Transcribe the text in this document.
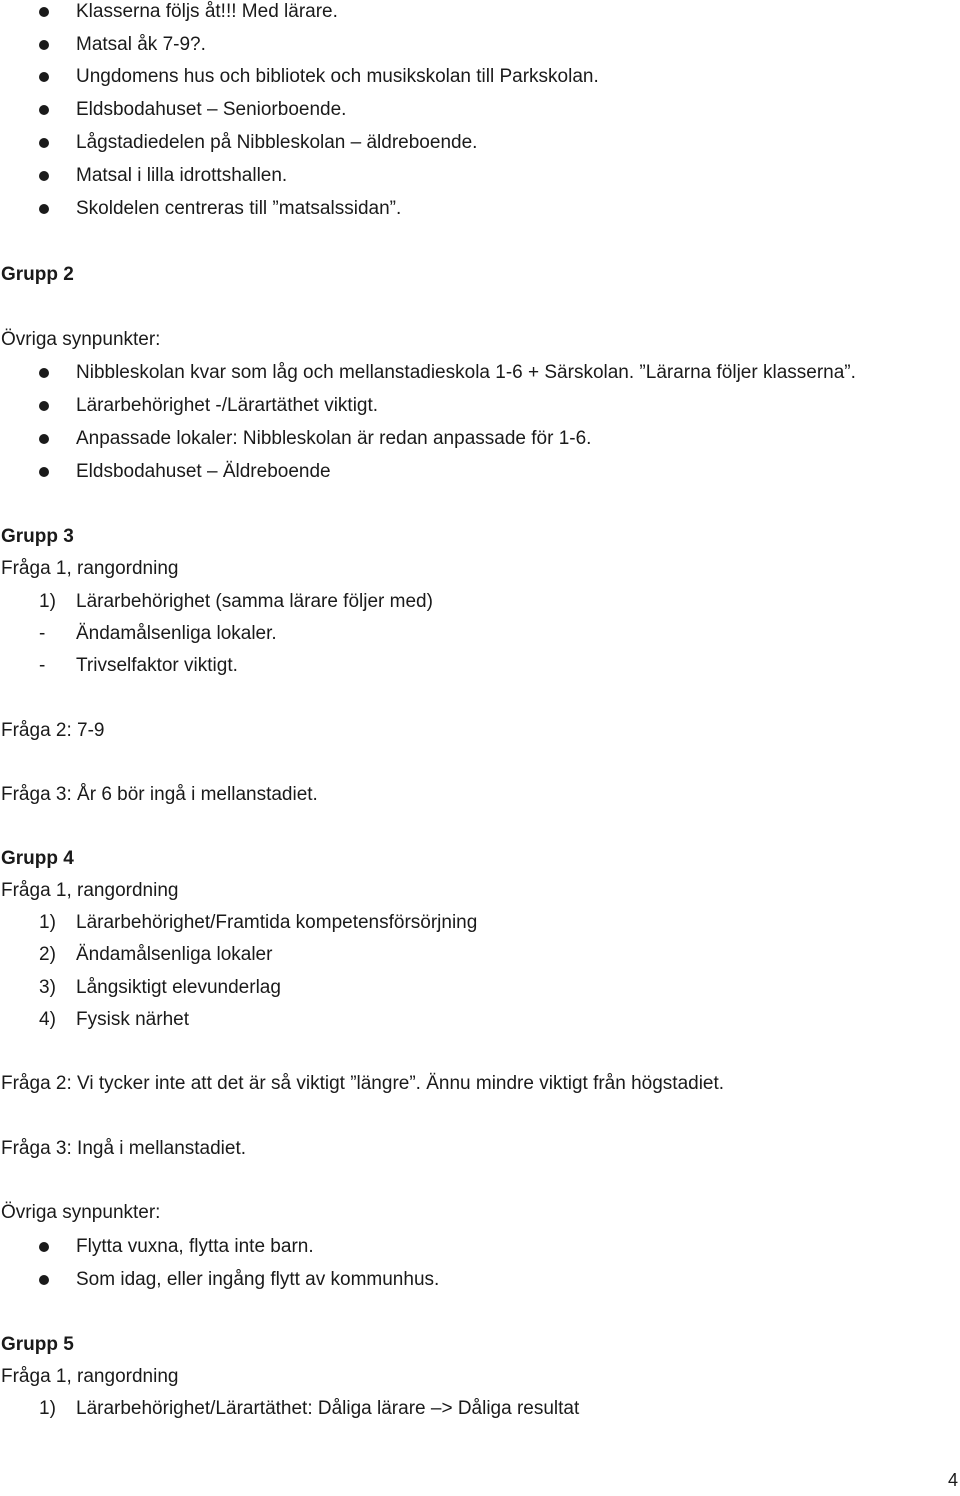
Klasserna följs åt!!! Med lärare.
Matsal åk 7-9?.
Ungdomens hus och bibliotek och musikskolan till Parkskolan.
Eldsbodahuset – Seniorboende.
Lågstadiedelen på Nibbleskolan – äldreboende.
Matsal i lilla idrottshallen.
Skoldelen centreras till ”matsalssidan”.
Grupp 2
Övriga synpunkter:
Nibbleskolan kvar som låg och mellanstadieskola 1-6 + Särskolan. ”Lärarna följer klasserna”.
Lärarbehörighet -/Lärartäthet viktigt.
Anpassade lokaler: Nibbleskolan är redan anpassade för 1-6.
Eldsbodahuset – Äldreboende
Grupp 3
Fråga 1, rangordning
1) Lärarbehörighet (samma lärare följer med)
- Ändamålsenliga lokaler.
- Trivselfaktor viktigt.
Fråga 2: 7-9
Fråga 3: År 6 bör ingå i mellanstadiet.
Grupp 4
Fråga 1, rangordning
1) Lärarbehörighet/Framtida kompetensförsörjning
2) Ändamålsenliga lokaler
3) Långsiktigt elevunderlag
4) Fysisk närhet
Fråga 2: Vi tycker inte att det är så viktigt ”längre”. Ännu mindre viktigt från högstadiet.
Fråga 3: Ingå i mellanstadiet.
Övriga synpunkter:
Flytta vuxna, flytta inte barn.
Som idag, eller ingång flytt av kommunhus.
Grupp 5
Fråga 1, rangordning
1) Lärarbehörighet/Lärartäthet: Dåliga lärare –> Dåliga resultat
4
